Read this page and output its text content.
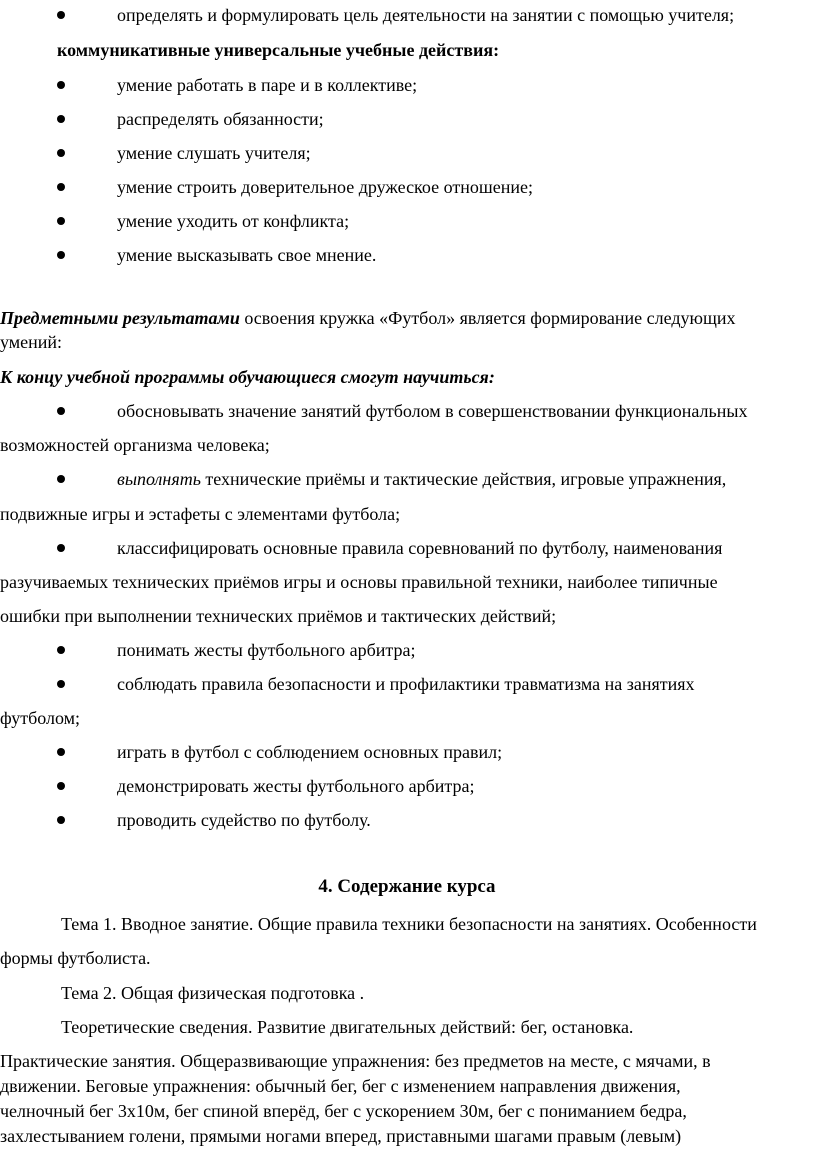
определять и формулировать цель деятельности на занятии с помощью учителя;
коммуникативные универсальные учебные действия:
умение работать в паре и в коллективе;
распределять обязанности;
умение слушать учителя;
умение строить доверительное дружеское отношение;
умение уходить от конфликта;
умение высказывать свое мнение.
Предметными результатами освоения кружка «Футбол» является формирование следующих
умений:
К концу учебной программы обучающиеся смогут научиться:
обосновывать значение занятий футболом в совершенствовании функциональных
возможностей организма человека;
выполнять технические приёмы и тактические действия, игровые упражнения,
подвижные игры и эстафеты с элементами футбола;
классифицировать основные правила соревнований по футболу, наименования
разучиваемых технических приёмов игры и основы правильной техники, наиболее типичные
ошибки при выполнении технических приёмов и тактических действий;
понимать жесты футбольного арбитра;
соблюдать правила безопасности и профилактики травматизма на занятиях
футболом;
играть в футбол с соблюдением основных правил;
демонстрировать жесты футбольного арбитра;
проводить судейство по футболу.
4. Содержание курса
Тема 1. Вводное занятие. Общие правила техники безопасности на занятиях. Особенности
формы футболиста.
Тема 2. Общая физическая подготовка .
Теоретические сведения. Развитие двигательных действий: бег, остановка.
Практические занятия. Общеразвивающие упражнения: без предметов на месте, с мячами, в
движении. Беговые упражнения: обычный бег, бег с изменением направления движения,
челночный бег 3х10м, бег спиной вперёд, бег с ускорением 30м, бег с пониманием бедра,
захлестыванием голени, прямыми ногами вперед, приставными шагами правым (левым)
